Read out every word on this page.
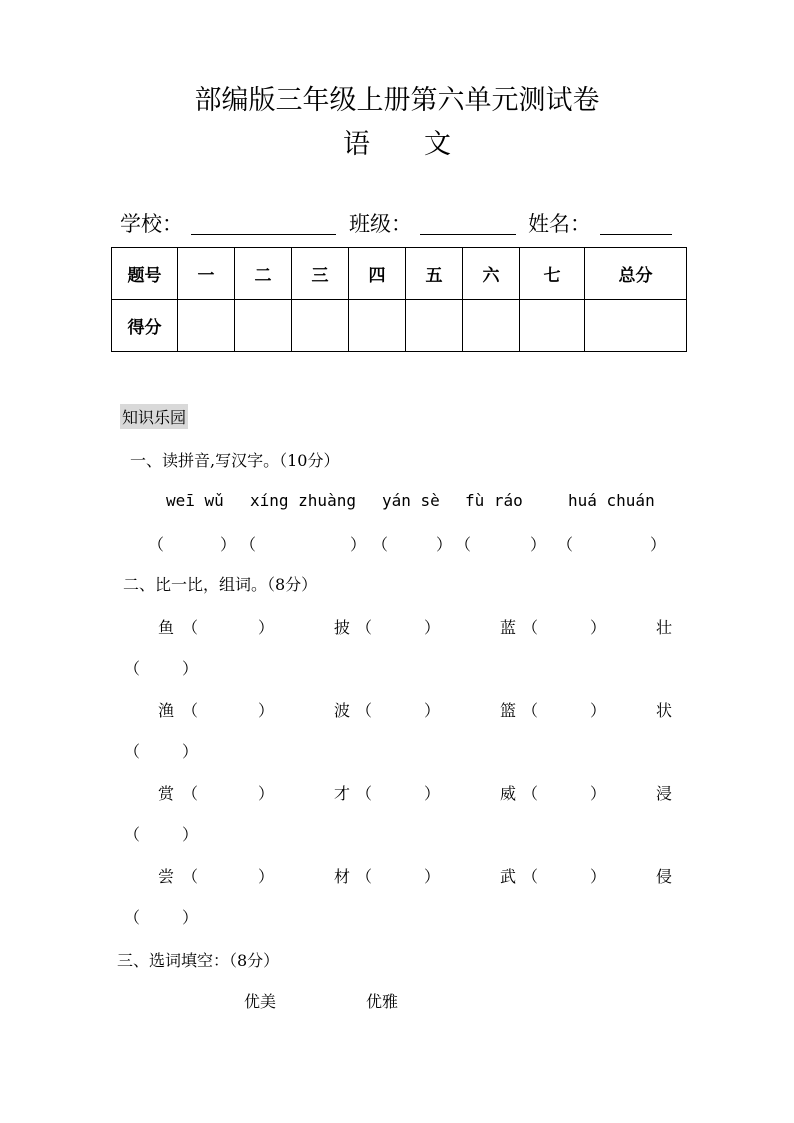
部编版三年级上册第六单元测试卷
语 文
学校：	班级：	姓名：
题号	一	二	三	四	五	六	七	总分
得分								
知识乐园
一、读拼音,写汉字。（10分）
weī wǔ xíng zhuàng yán sè fù ráo	huá chuán
（	） （	） （	） （	） （	）
二、比一比，组词。（8分）
鱼 （	）	披 （	）	蓝 （	）	壮
（	）
渔 （	）	波 （	）	篮 （	）	状
（	）
赏 （	）	才 （	）	威 （	）	浸
（	）
尝 （	）	材 （	）	武 （	）	侵
（	）
三、选词填空：（8分）
优美	优雅
